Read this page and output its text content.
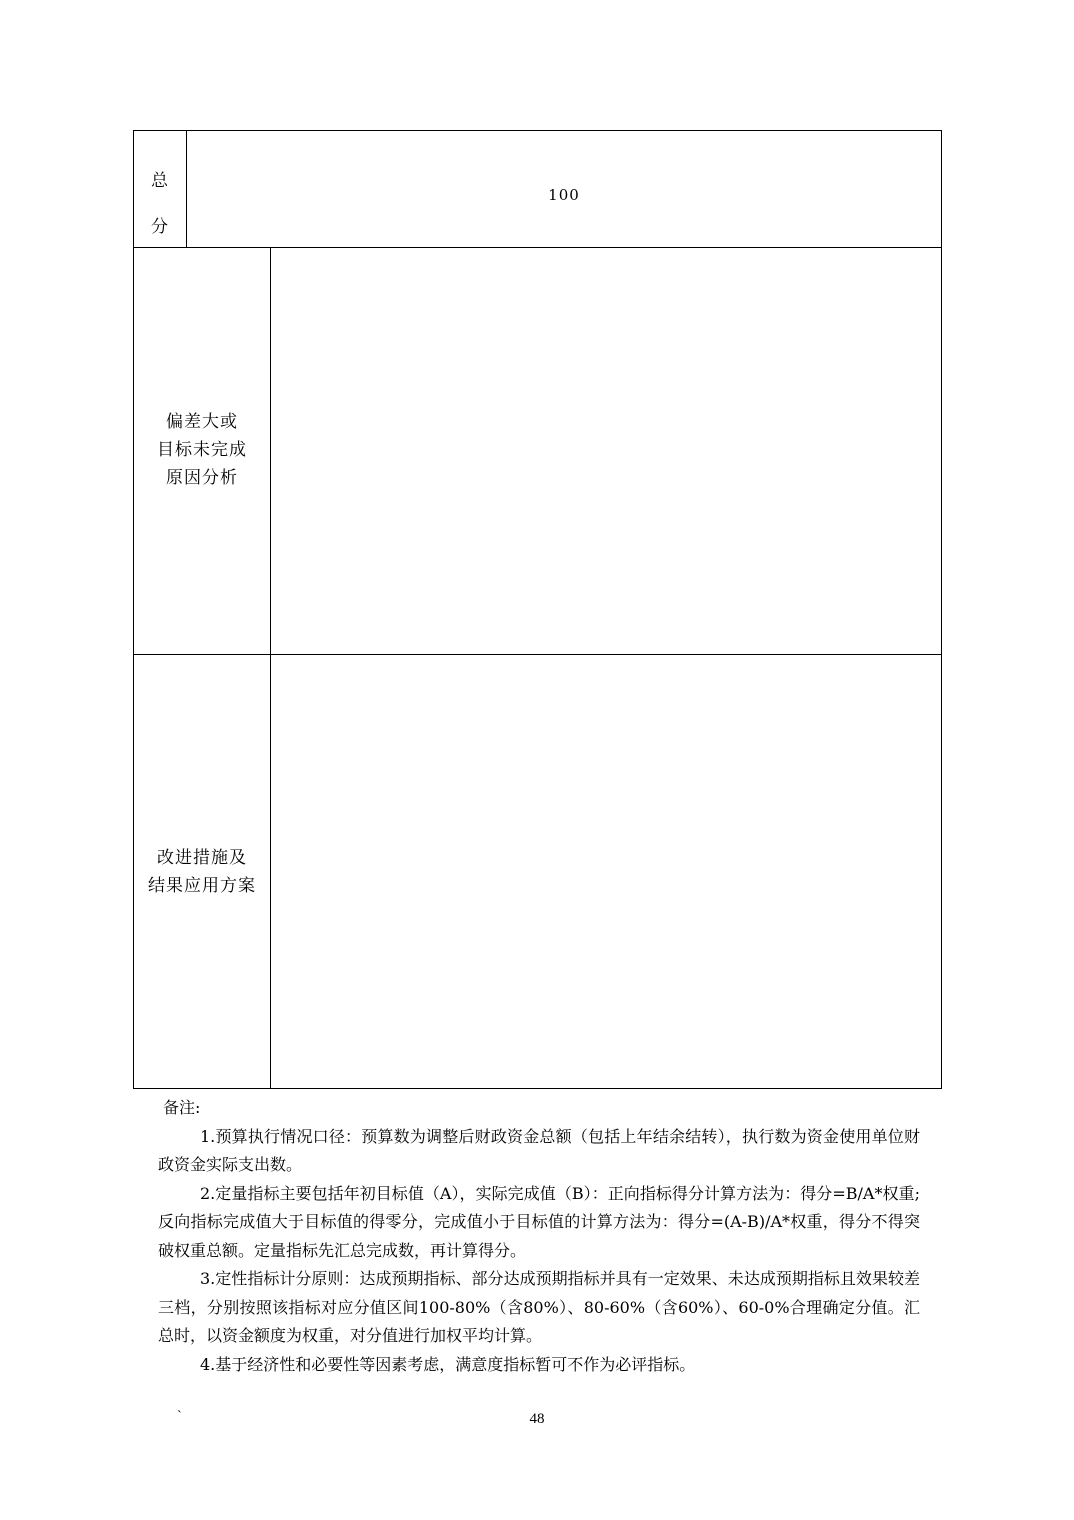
总
分
100
偏差大或
目标未完成
原因分析
改进措施及
结果应用方案
备注:
1.预算执行情况口径：预算数为调整后财政资金总额（包括上年结余结转），执行数为资金使用单位财政资金实际支出数。
2.定量指标主要包括年初目标值（A），实际完成值（B）：正向指标得分计算方法为：得分=B/A*权重;反向指标完成值大于目标值的得零分，完成值小于目标值的计算方法为：得分=(A-B)/A*权重，得分不得突破权重总额。定量指标先汇总完成数，再计算得分。
3.定性指标计分原则：达成预期指标、部分达成预期指标并具有一定效果、未达成预期指标且效果较差三档，分别按照该指标对应分值区间100-80%（含80%）、80-60%（含60%）、60-0%合理确定分值。汇总时，以资金额度为权重，对分值进行加权平均计算。
4.基于经济性和必要性等因素考虑，满意度指标暂可不作为必评指标。
`	48
